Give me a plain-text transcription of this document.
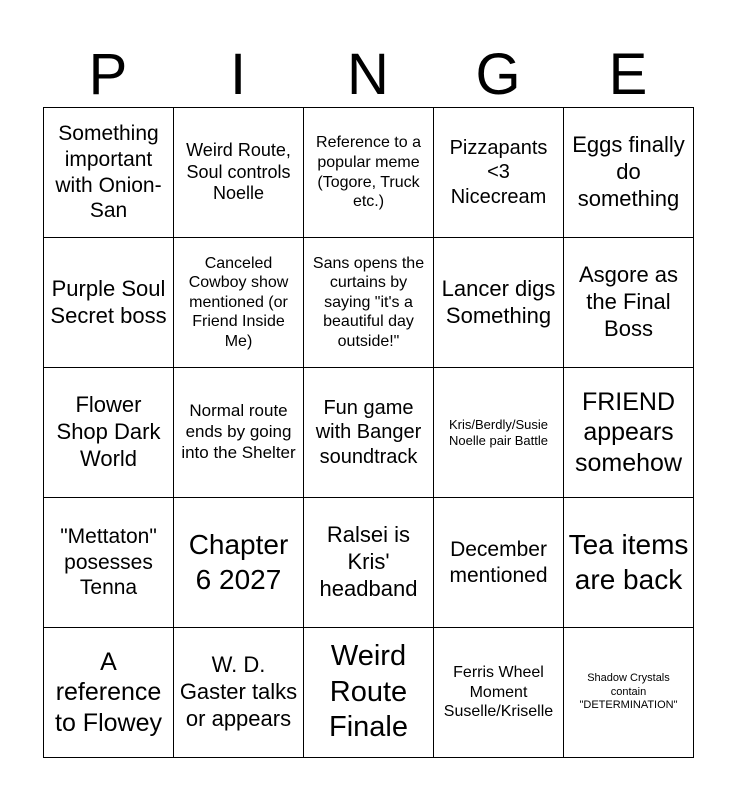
P	I	N	G	E
Something important with Onion-San	Weird Route, Soul controls Noelle	Reference to a popular meme (Togore, Truck etc.)	Pizzapants <3 Nicecream	Eggs finally do something
Purple Soul Secret boss	Canceled Cowboy show mentioned (or Friend Inside Me)	Sans opens the curtains by saying "it's a beautiful day outside!"	Lancer digs Something	Asgore as the Final Boss
Flower Shop Dark World	Normal route ends by going into the Shelter	Fun game with Banger soundtrack	Kris/Berdly/Susie Noelle pair Battle	FRIEND appears somehow
"Mettaton" posesses Tenna	Chapter 6 2027	Ralsei is Kris' headband	December mentioned	Tea items are back
A reference to Flowey	W. D. Gaster talks or appears	Weird Route Finale	Ferris Wheel Moment Suselle/Kriselle	Shadow Crystals contain "DETERMINATION"
